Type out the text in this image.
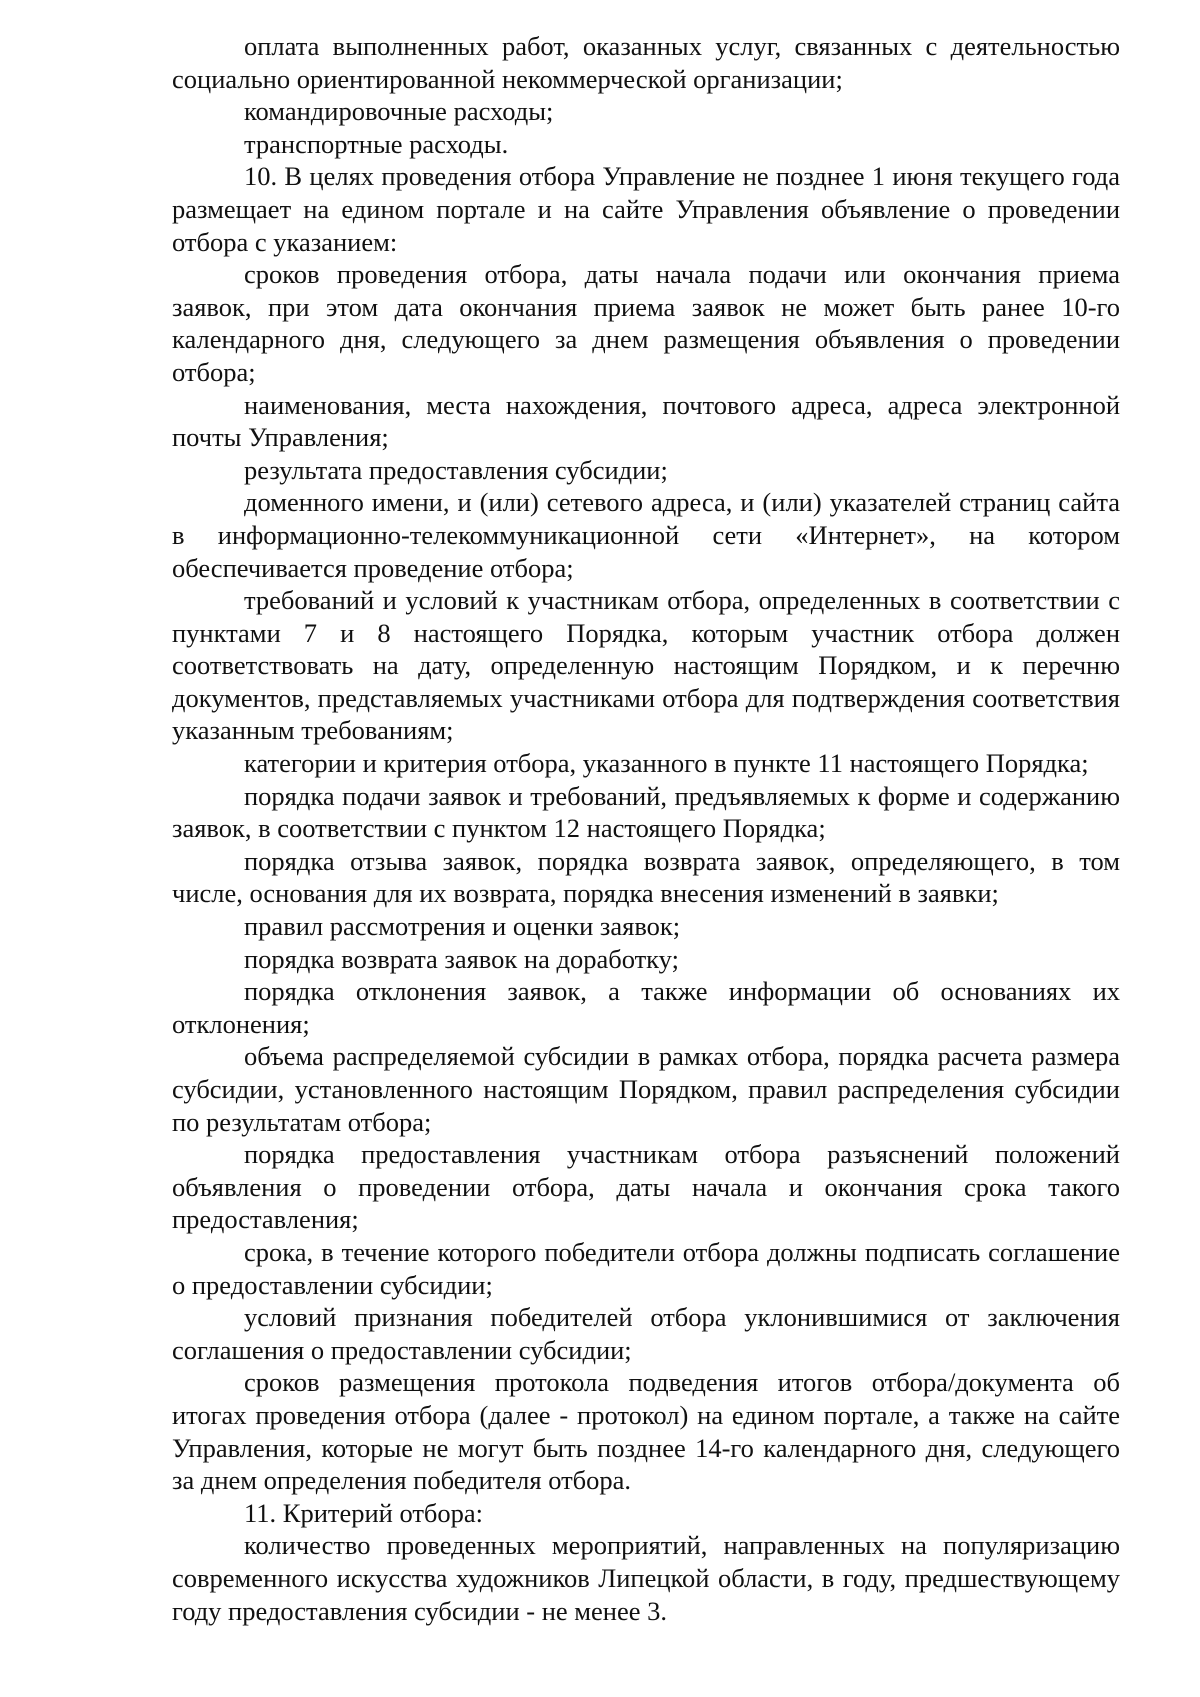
оплата выполненных работ, оказанных услуг, связанных с деятельностью социально ориентированной некоммерческой организации;

командировочные расходы;

транспортные расходы.

10. В целях проведения отбора Управление не позднее 1 июня текущего года размещает на едином портале и на сайте Управления объявление о проведении отбора с указанием:

сроков проведения отбора, даты начала подачи или окончания приема заявок, при этом дата окончания приема заявок не может быть ранее 10-го календарного дня, следующего за днем размещения объявления о проведении отбора;

наименования, места нахождения, почтового адреса, адреса электронной почты Управления;

результата предоставления субсидии;

доменного имени, и (или) сетевого адреса, и (или) указателей страниц сайта в информационно-телекоммуникационной сети «Интернет», на котором обеспечивается проведение отбора;

требований и условий к участникам отбора, определенных в соответствии с пунктами 7 и 8 настоящего Порядка, которым участник отбора должен соответствовать на дату, определенную настоящим Порядком, и к перечню документов, представляемых участниками отбора для подтверждения соответствия указанным требованиям;

категории и критерия отбора, указанного в пункте 11 настоящего Порядка;

порядка подачи заявок и требований, предъявляемых к форме и содержанию заявок, в соответствии с пунктом 12 настоящего Порядка;

порядка отзыва заявок, порядка возврата заявок, определяющего, в том числе, основания для их возврата, порядка внесения изменений в заявки;

правил рассмотрения и оценки заявок;

порядка возврата заявок на доработку;

порядка отклонения заявок, а также информации об основаниях их отклонения;

объема распределяемой субсидии в рамках отбора, порядка расчета размера субсидии, установленного настоящим Порядком, правил распределения субсидии по результатам отбора;

порядка предоставления участникам отбора разъяснений положений объявления о проведении отбора, даты начала и окончания срока такого предоставления;

срока, в течение которого победители отбора должны подписать соглашение о предоставлении субсидии;

условий признания победителей отбора уклонившимися от заключения соглашения о предоставлении субсидии;

сроков размещения протокола подведения итогов отбора/документа об итогах проведения отбора (далее - протокол) на едином портале, а также на сайте Управления, которые не могут быть позднее 14-го календарного дня, следующего за днем определения победителя отбора.

11. Критерий отбора:

количество проведенных мероприятий, направленных на популяризацию современного искусства художников Липецкой области, в году, предшествующему году предоставления субсидии - не менее 3.
